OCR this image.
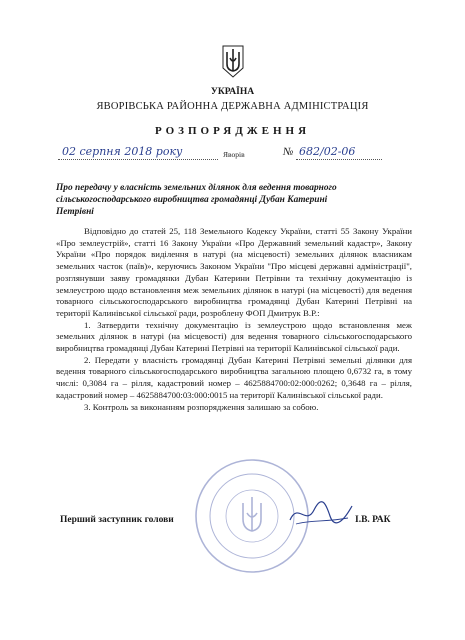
УКРАЇНА
ЯВОРІВСЬКА РАЙОННА ДЕРЖАВНА АДМІНІСТРАЦІЯ
РОЗПОРЯДЖЕННЯ
02 серпня 2018 року	Яворів	№ 682/02-06
Про передачу у власність земельних ділянок для ведення товарного сільськогосподарського виробництва громадянці Дубан Катерині Петрівні

Відповідно до статей 25, 118 Земельного Кодексу України, статті 55 Закону України «Про землеустрій», статті 16 Закону України «Про Державний земельний кадастр», Закону України «Про порядок виділення в натурі (на місцевості) земельних ділянок власникам земельних часток (паїв)», керуючись Законом України "Про місцеві державні адміністрації", розглянувши заяву громадянки Дубан Катерини Петрівни та технічну документацію із землеустрою щодо встановлення меж земельних ділянок в натурі (на місцевості) для ведення товарного сільськогосподарського виробництва громадянці Дубан Катерині Петрівні на території Калинівської сільської ради, розроблену ФОП Дмитрук В.Р.:

1. Затвердити технічну документацію із землеустрою щодо встановлення меж земельних ділянок в натурі (на місцевості) для ведення товарного сільськогосподарського виробництва громадянці Дубан Катерині Петрівні на території Калинівської сільської ради.

2. Передати у власність громадянці Дубан Катерині Петрівні земельні ділянки для ведення товарного сільськогосподарського виробництва загальною площею 0,6732 га, в тому числі: 0,3084 га – рілля, кадастровий номер – 4625884700:02:000:0262; 0,3648 га – рілля, кадастровий номер – 4625884700:03:000:0015 на території Калинівської сільської ради.

3. Контроль за виконанням розпорядження залишаю за собою.

Перший заступник голови	І.В. РАК
